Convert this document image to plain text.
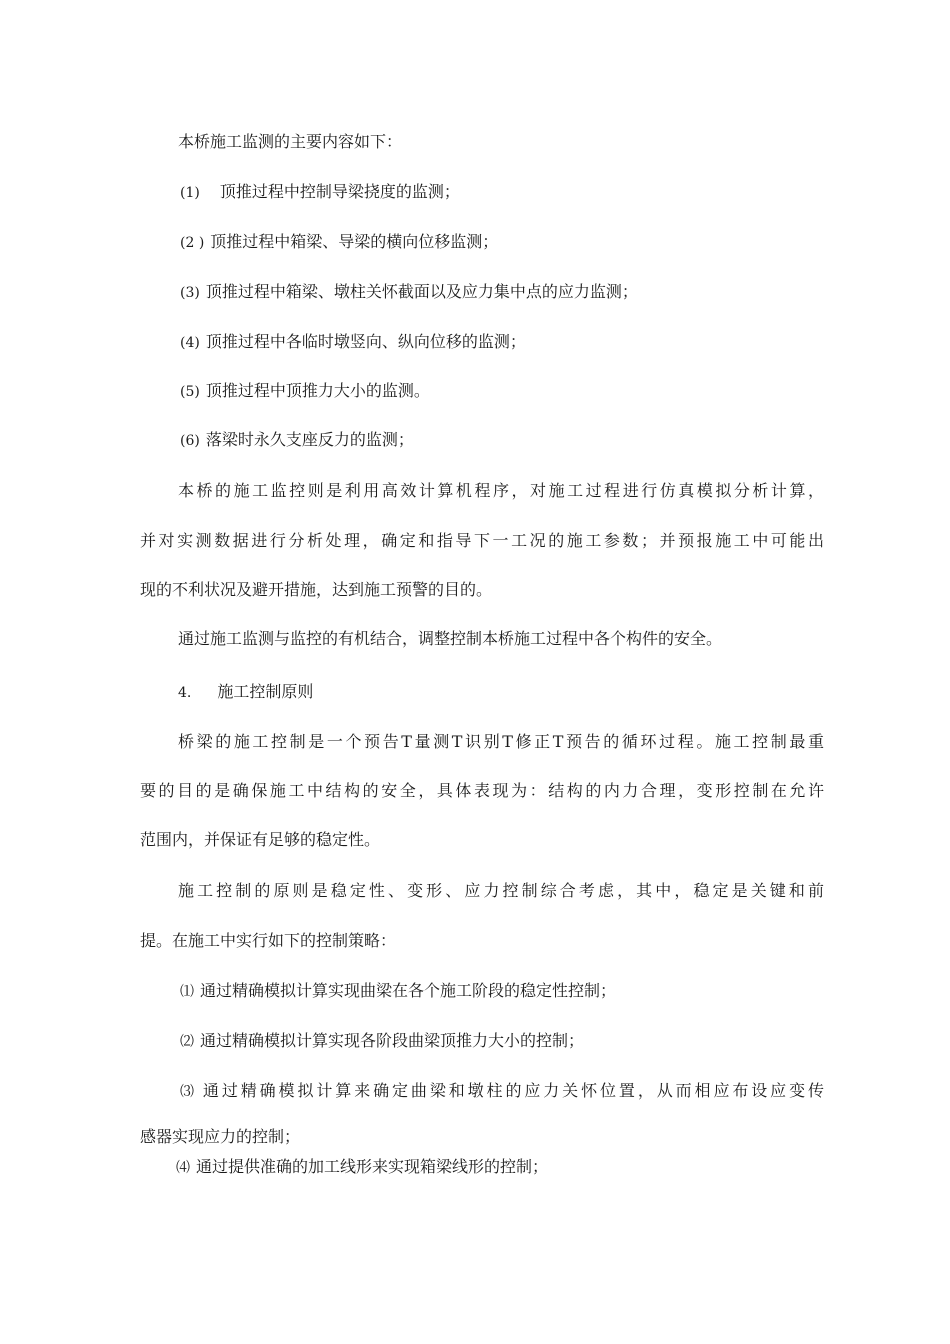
本桥施工监测的主要内容如下：
(1) 顶推过程中控制导梁挠度的监测；
(2 ) 顶推过程中箱梁、导梁的横向位移监测；
(3) 顶推过程中箱梁、墩柱关怀截面以及应力集中点的应力监测；
(4) 顶推过程中各临时墩竖向、纵向位移的监测；
(5) 顶推过程中顶推力大小的监测。
(6) 落梁时永久支座反力的监测；
本桥的施工监控则是利用高效计算机程序，对施工过程进行仿真模拟分析计算，
并对实测数据进行分析处理，确定和指导下一工况的施工参数；并预报施工中可能出
现的不利状况及避开措施，达到施工预警的目的。
通过施工监测与监控的有机结合，调整控制本桥施工过程中各个构件的安全。
4. 施工控制原则
桥梁的施工控制是一个预告T量测T识别T修正T预告的循环过程。施工控制最重
要的目的是确保施工中结构的安全，具体表现为：结构的内力合理，变形控制在允许
范围内，并保证有足够的稳定性。
施工控制的原则是稳定性、变形、应力控制综合考虑，其中，稳定是关键和前
提。在施工中实行如下的控制策略：
⑴ 通过精确模拟计算实现曲梁在各个施工阶段的稳定性控制；
⑵ 通过精确模拟计算实现各阶段曲梁顶推力大小的控制；
⑶ 通过精确模拟计算来确定曲梁和墩柱的应力关怀位置，从而相应布设应变传
感器实现应力的控制；
⑷ 通过提供准确的加工线形来实现箱梁线形的控制；
